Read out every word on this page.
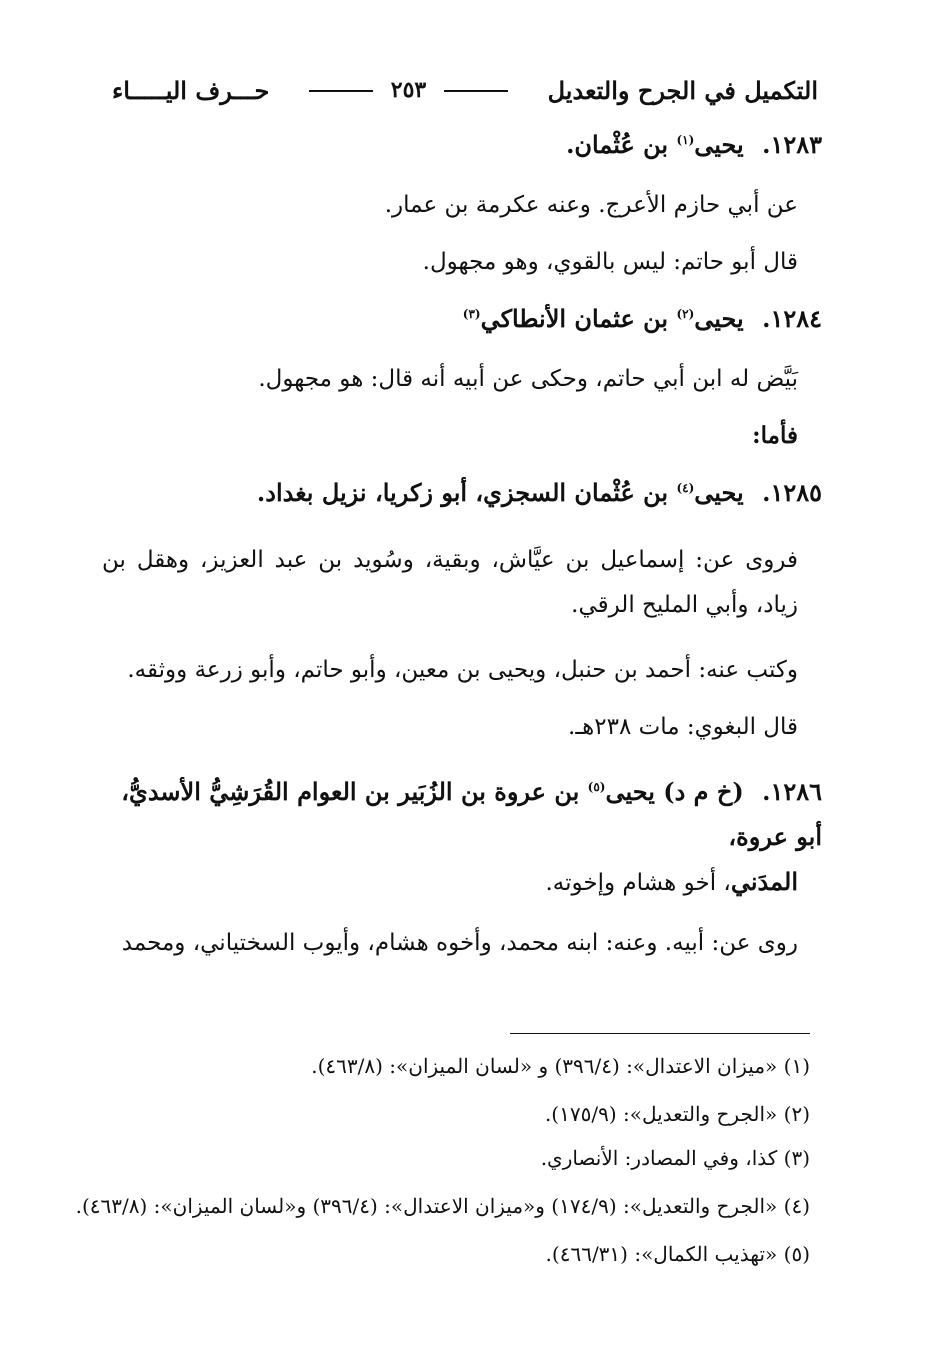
التكميل في الجرح والتعديل
٢٥٣
حـــرف اليـــــاء
١٢٨٣. يحيى$^{(١)}$ بن عُثْمان.

عن أبي حازم الأعرج. وعنه عكرمة بن عمار.

قال أبو حاتم: ليس بالقوي، وهو مجهول.

١٢٨٤. يحيى$^{(٢)}$ بن عثمان الأنطاكي$^{(٣)}$

بَيَّض له ابن أبي حاتم، وحكى عن أبيه أنه قال: هو مجهول.

فأما:

١٢٨٥. يحيى$^{(٤)}$ بن عُثْمان السجزي، أبو زكريا، نزيل بغداد.

فروى عن: إسماعيل بن عيَّاش، وبقية، وسُويد بن عبد العزيز، وهقل بن زياد، وأبي المليح الرقي.

وكتب عنه: أحمد بن حنبل، ويحيى بن معين، وأبو حاتم، وأبو زرعة ووثقه.

قال البغوي: مات ٢٣٨هـ.

١٢٨٦. (خ م د) يحيى$^{(٥)}$ بن عروة بن الزُبَير بن العوام القُرَشِيُّ الأسديُّ، أبو عروة،
المدَني، أخو هشام وإخوته.

روى عن: أبيه. وعنه: ابنه محمد، وأخوه هشام، وأيوب السختياني، ومحمد

(١) «ميزان الاعتدال»: (٣٩٦/٤) و «لسان الميزان»: (٤٦٣/٨).
(٢) «الجرح والتعديل»: (١٧٥/٩).
(٣) كذا، وفي المصادر: الأنصاري.
(٤) «الجرح والتعديل»: (١٧٤/٩) و«ميزان الاعتدال»: (٣٩٦/٤) و«لسان الميزان»: (٤٦٣/٨).
(٥) «تهذيب الكمال»: (٤٦٦/٣١).
